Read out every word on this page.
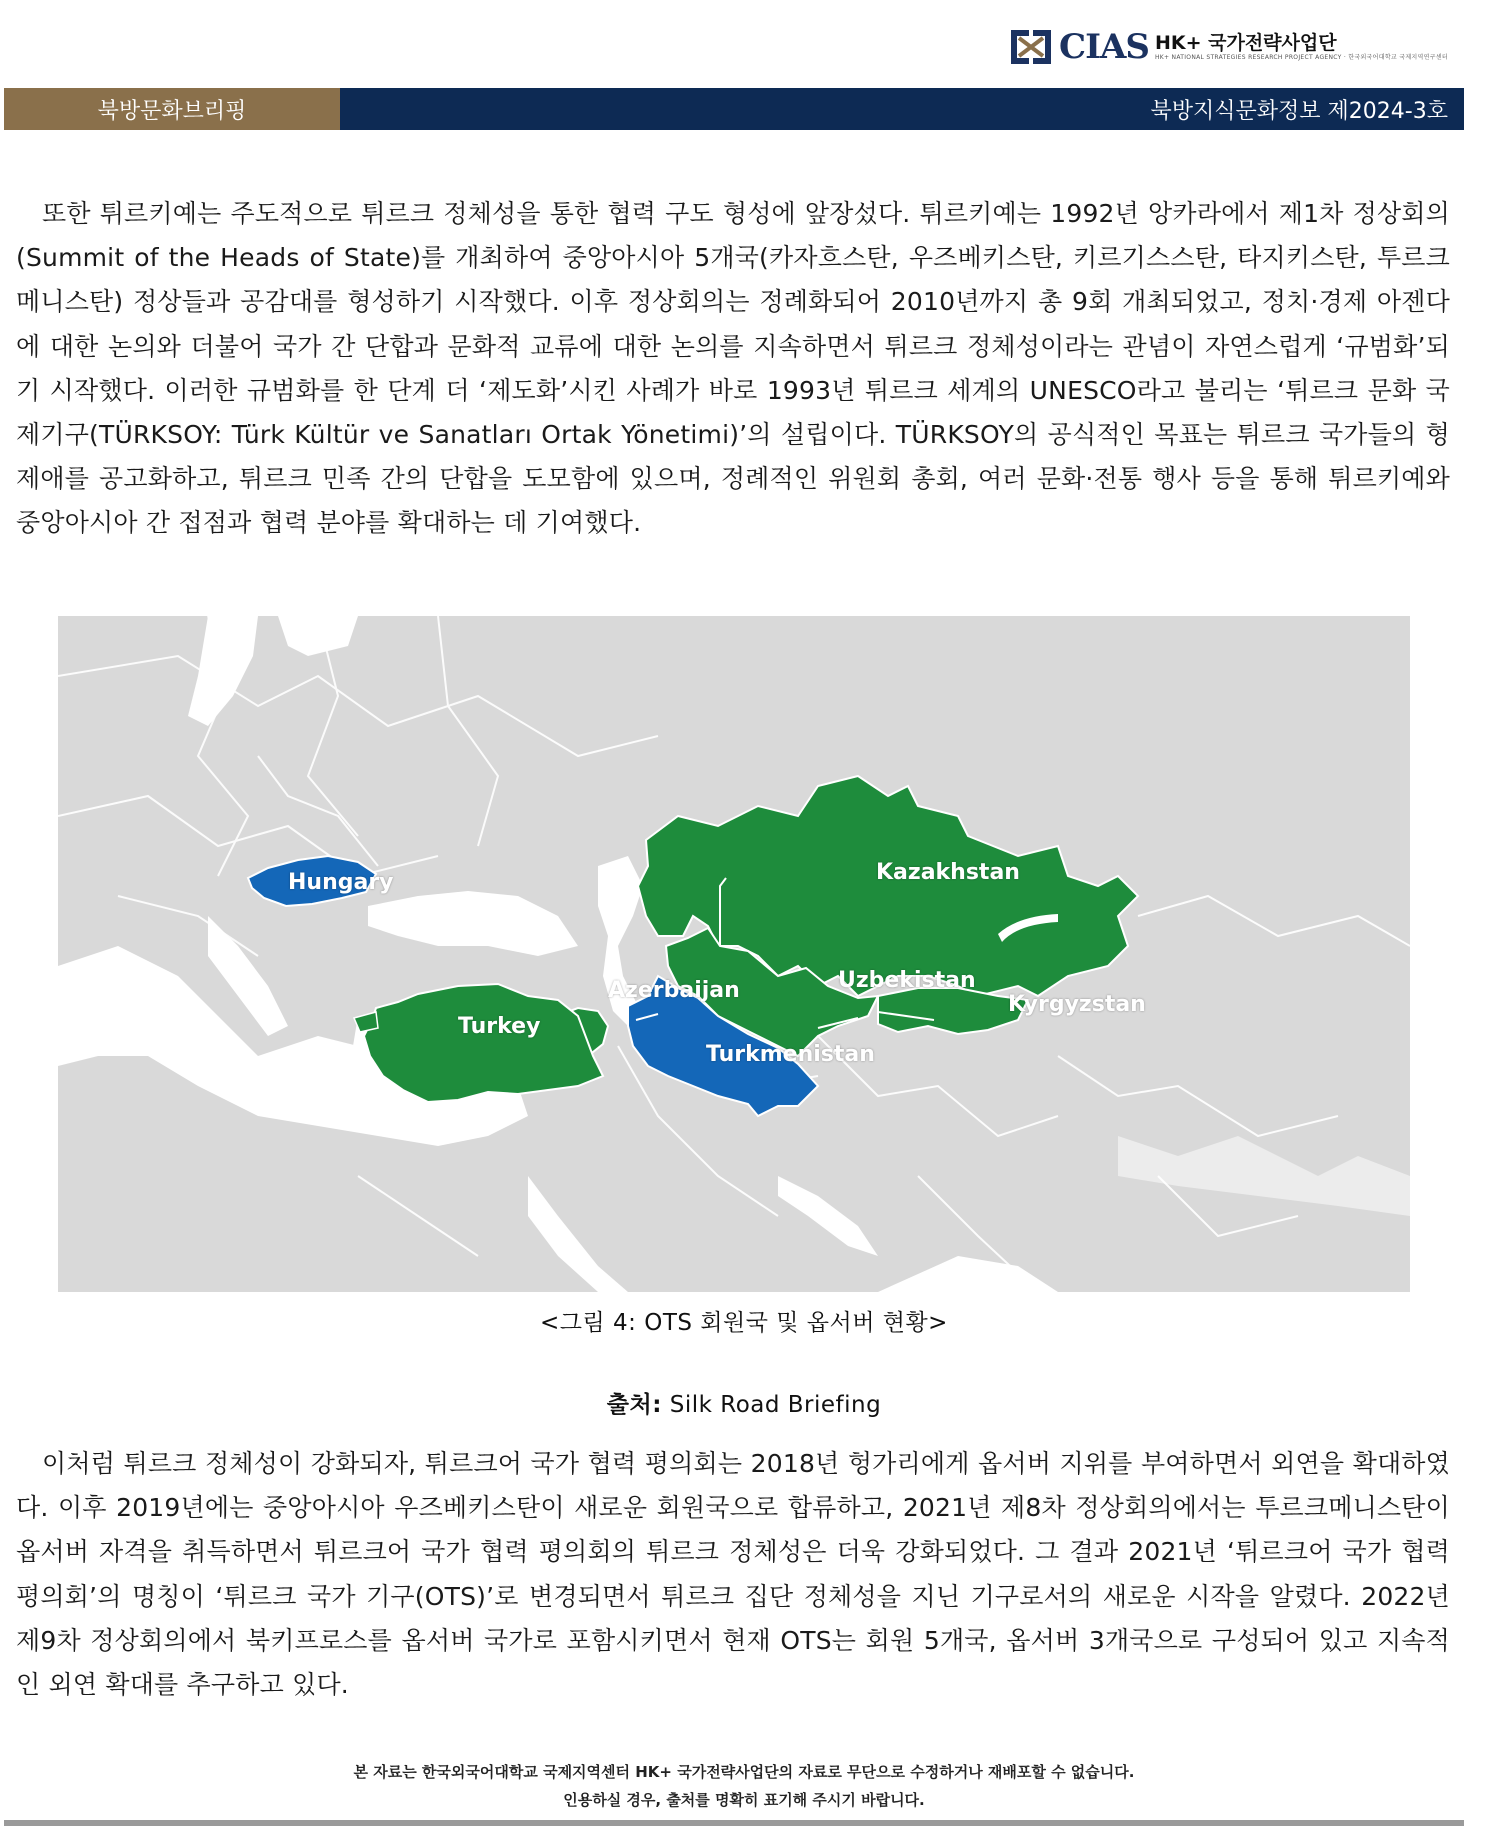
CIAS HK+ 국가전략사업단
HK+ NATIONAL STRATEGIES RESEARCH PROJECT AGENCY · 한국외국어대학교 국제지역연구센터
북방문화브리핑	북방지식문화정보 제2024-3호

또한 튀르키예는 주도적으로 튀르크 정체성을 통한 협력 구도 형성에 앞장섰다. 튀르키예는 1992년 앙카라에서 제1차 정상회의(Summit of the Heads of State)를 개최하여 중앙아시아 5개국(카자흐스탄, 우즈베키스탄, 키르기스스탄, 타지키스탄, 투르크메니스탄) 정상들과 공감대를 형성하기 시작했다. 이후 정상회의는 정례화되어 2010년까지 총 9회 개최되었고, 정치·경제 아젠다에 대한 논의와 더불어 국가 간 단합과 문화적 교류에 대한 논의를 지속하면서 튀르크 정체성이라는 관념이 자연스럽게 ‘규범화’되기 시작했다. 이러한 규범화를 한 단계 더 ‘제도화’시킨 사례가 바로 1993년 튀르크 세계의 UNESCO라고 불리는 ‘튀르크 문화 국제기구(TÜRKSOY: Türk Kültür ve Sanatları Ortak Yönetimi)’의 설립이다. TÜRKSOY의 공식적인 목표는 튀르크 국가들의 형제애를 공고화하고, 튀르크 민족 간의 단합을 도모함에 있으며, 정례적인 위원회 총회, 여러 문화·전통 행사 등을 통해 튀르키예와 중앙아시아 간 접점과 협력 분야를 확대하는 데 기여했다.

Hungary	Kazakhstan
Azerbaijan	Uzbekistan
Kyrgyzstan
Turkey
Turkmenistan
<그림 4: OTS 회원국 및 옵서버 현황>
출처: Silk Road Briefing

이처럼 튀르크 정체성이 강화되자, 튀르크어 국가 협력 평의회는 2018년 헝가리에게 옵서버 지위를 부여하면서 외연을 확대하였다. 이후 2019년에는 중앙아시아 우즈베키스탄이 새로운 회원국으로 합류하고, 2021년 제8차 정상회의에서는 투르크메니스탄이 옵서버 자격을 취득하면서 튀르크어 국가 협력 평의회의 튀르크 정체성은 더욱 강화되었다. 그 결과 2021년 ‘튀르크어 국가 협력 평의회’의 명칭이 ‘튀르크 국가 기구(OTS)’로 변경되면서 튀르크 집단 정체성을 지닌 기구로서의 새로운 시작을 알렸다. 2022년 제9차 정상회의에서 북키프로스를 옵서버 국가로 포함시키면서 현재 OTS는 회원 5개국, 옵서버 3개국으로 구성되어 있고 지속적인 외연 확대를 추구하고 있다.

본 자료는 한국외국어대학교 국제지역센터 HK+ 국가전략사업단의 자료로 무단으로 수정하거나 재배포할 수 없습니다.
인용하실 경우, 출처를 명확히 표기해 주시기 바랍니다.
